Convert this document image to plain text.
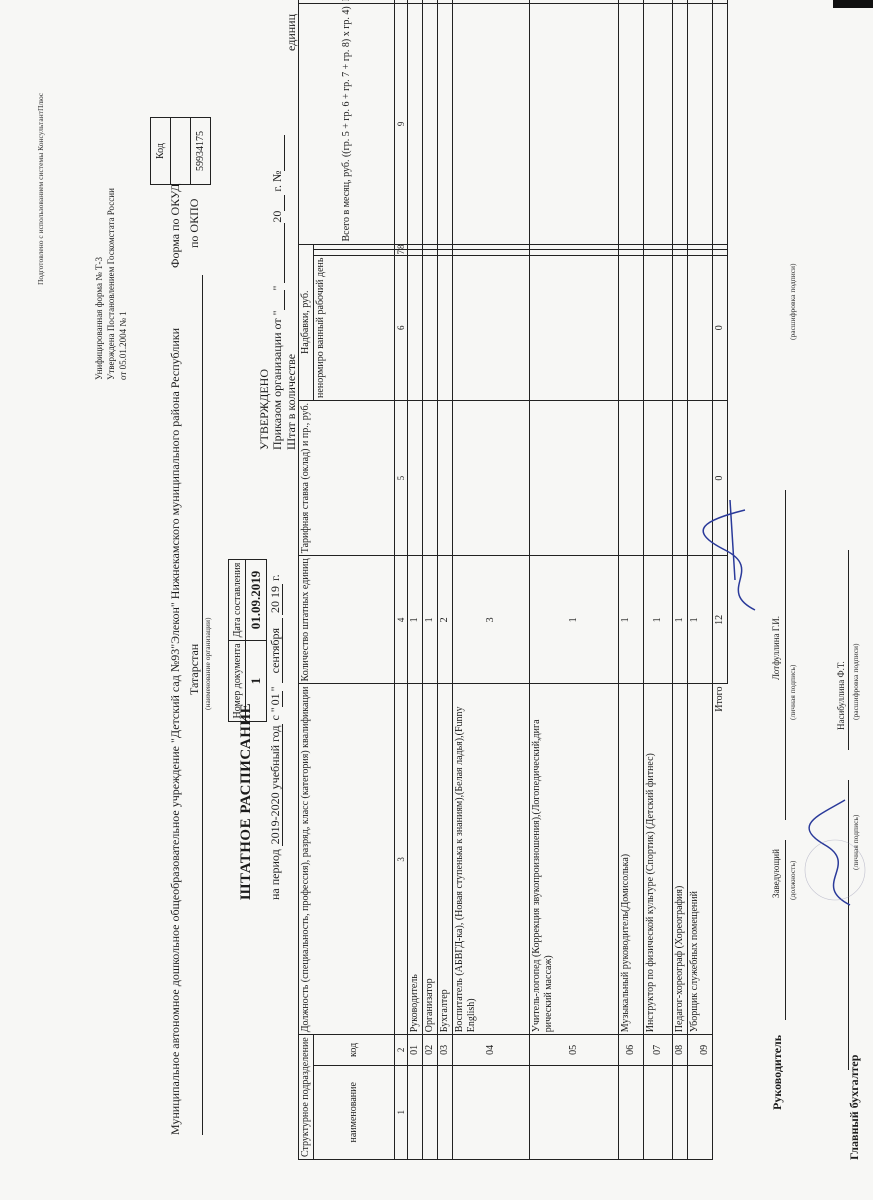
Подготовлено с использованием системы КонсультантПлюс
Унифицированная форма № Т-3 Утверждена Постановлением Госкомстата России от 05.01.2004 № 1
Код

59934175
Форма по ОКУД по ОКПО
Муниципальное автономное дошкольное общеобразовательное учреждение "Детский сад №93"Элекон" Нижнекамского муниципального района Республики Татарстан (наименование организации) Номер документа	Дата составления
1	01.09.2019
ШТАТНОЕ РАСПИСАНИЕ на период 2019-2020 учебный год с "01" сентября 20 19 г.
УТВЕРЖДЕНО Приказом организации от "" 20 г. №
Штат в количестве единиц
Структурное подразделение		Должность (специальность, профессия), разряд, класс (категория) квалификации	Количество штатных единиц	Тарифная ставка (оклад) и пр., руб.	Надбавки, руб.			Всего в месяц, руб. ((гр. 5 + гр. 6 + гр. 7 + гр. 8) х гр. 4)	
наименование	код				ненормиро ванный рабочий день				
1	2	3	4	5	6	7	8	9	
	01	Руководитель	1						
	02	Организатор	1						
	03	Бухгалтер	2						
	04	Воспитатель (АБВГД-ка), (Новая ступенька к знаниям),(Белая ладья),(Funny English)	3						
	05	Учитель-логопед (Коррекция звукопроизношения),(Логопедический,дига рический массаж)	1						
	06	Музыкальный руководитель(Домисолька)	1						
	07	Инструктор по физической культуре (Спортик) (Детский фитнес)	1						
	08	Педагог-хореограф (Хореография)	1						
	09	Уборщик служебных помещений	1						
Итого			12	0	0				
Руководитель
Заведующий (должность)
(личная подпись)
Лотфуллина Г.И.
(расшифровка подписи)
Главный бухгалтер
(личная подпись)
Насибуллина Ф.Т. (расшифровка подписи)
